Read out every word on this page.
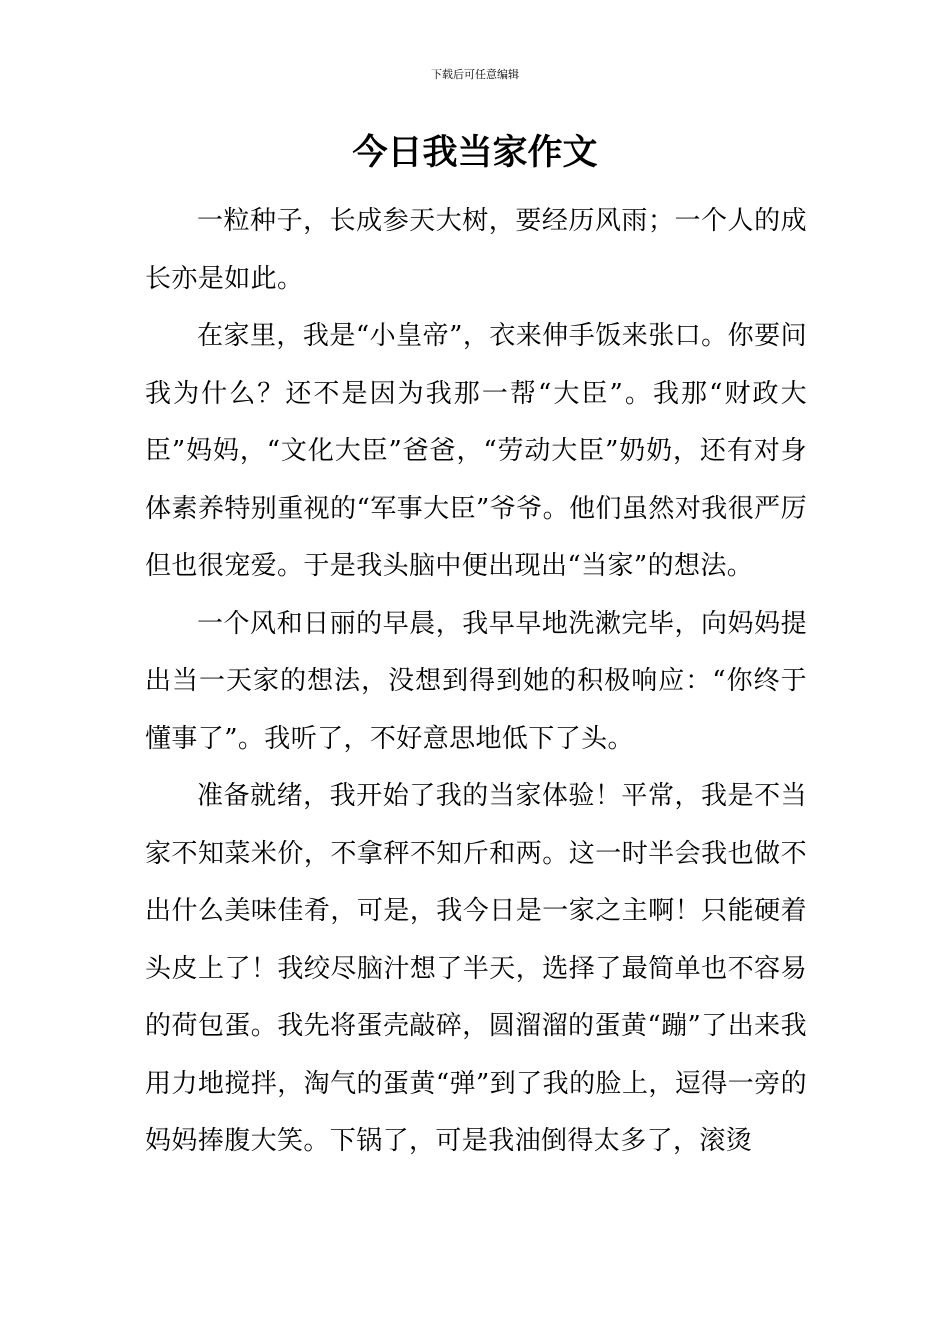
下载后可任意编辑
今日我当家作文

一粒种子，长成参天大树，要经历风雨；一个人的成长亦是如此。

在家里，我是“小皇帝”，衣来伸手饭来张口。你要问我为什么？还不是因为我那一帮“大臣”。我那“财政大臣”妈妈，“文化大臣”爸爸，“劳动大臣”奶奶，还有对身体素养特别重视的“军事大臣”爷爷。他们虽然对我很严厉但也很宠爱。于是我头脑中便出现出“当家”的想法。

一个风和日丽的早晨，我早早地洗漱完毕，向妈妈提出当一天家的想法，没想到得到她的积极响应：“你终于懂事了”。我听了，不好意思地低下了头。

准备就绪，我开始了我的当家体验！平常，我是不当家不知菜米价，不拿秤不知斤和两。这一时半会我也做不出什么美味佳肴，可是，我今日是一家之主啊！只能硬着头皮上了！我绞尽脑汁想了半天，选择了最简单也不容易的荷包蛋。我先将蛋壳敲碎，圆溜溜的蛋黄“蹦”了出来我用力地搅拌，淘气的蛋黄“弹”到了我的脸上，逗得一旁的妈妈捧腹大笑。下锅了，可是我油倒得太多了，滚烫
